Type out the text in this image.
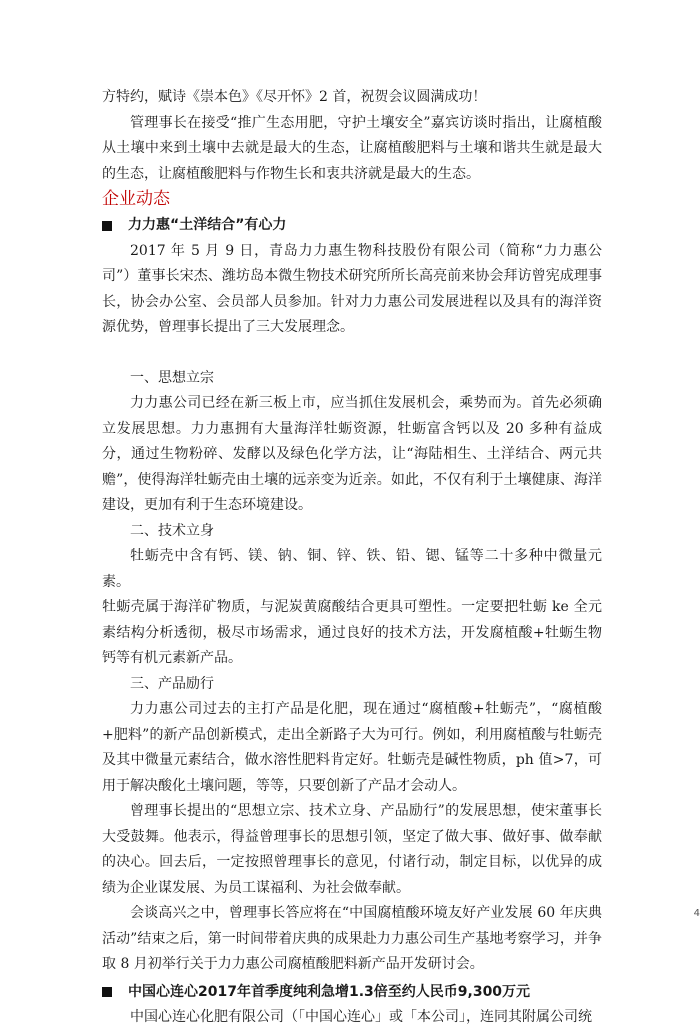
方特约，赋诗《崇本色》《尽开怀》2 首，祝贺会议圆满成功！

管理事长在接受“推广生态用肥，守护土壤安全”嘉宾访谈时指出，让腐植酸从土壤中来到土壤中去就是最大的生态，让腐植酸肥料与土壤和谐共生就是最大的生态，让腐植酸肥料与作物生长和衷共济就是最大的生态。

企业动态
力力惠“土洋结合”有心力

2017 年 5 月 9 日，青岛力力惠生物科技股份有限公司（简称“力力惠公司”）董事长宋杰、潍坊岛本微生物技术研究所所长高亮前来协会拜访曾宪成理事长，协会办公室、会员部人员参加。针对力力惠公司发展进程以及具有的海洋资源优势，曾理事长提出了三大发展理念。

一、思想立宗

力力惠公司已经在新三板上市，应当抓住发展机会，乘势而为。首先必须确立发展思想。力力惠拥有大量海洋牡蛎资源，牡蛎富含钙以及 20 多种有益成分，通过生物粉碎、发酵以及绿色化学方法，让“海陆相生、土洋结合、两元共赡”，使得海洋牡蛎壳由土壤的远亲变为近亲。如此，不仅有利于土壤健康、海洋建设，更加有利于生态环境建设。

二、技术立身

牡蛎壳中含有钙、镁、钠、铜、锌、铁、铅、锶、锰等二十多种中微量元素。

牡蛎壳属于海洋矿物质，与泥炭黄腐酸结合更具可塑性。一定要把牡蛎 ke 全元素结构分析透彻，极尽市场需求，通过良好的技术方法，开发腐植酸+牡蛎生物钙等有机元素新产品。

三、产品励行

力力惠公司过去的主打产品是化肥，现在通过“腐植酸+牡蛎壳”，“腐植酸+肥料”的新产品创新模式，走出全新路子大为可行。例如，利用腐植酸与牡蛎壳及其中微量元素结合，做水溶性肥料肯定好。牡蛎壳是碱性物质，ph 值>7，可用于解决酸化土壤问题，等等，只要创新了产品才会动人。

曾理事长提出的“思想立宗、技术立身、产品励行”的发展思想，使宋董事长大受鼓舞。他表示，得益曾理事长的思想引领，坚定了做大事、做好事、做奉献的决心。回去后，一定按照曾理事长的意见，付诸行动，制定目标，以优异的成绩为企业谋发展、为员工谋福利、为社会做奉献。

会谈高兴之中，曾理事长答应将在“中国腐植酸环境友好产业发展 60 年庆典活动”结束之后，第一时间带着庆典的成果赴力力惠公司生产基地考察学习，并争取 8 月初举行关于力力惠公司腐植酸肥料新产品开发研讨会。

中国心连心2017年首季度纯利急增1.3倍至约人民币9,300万元

中国心连心化肥有限公司（「中国心连心」或「本公司」，连同其附属公司统

4
